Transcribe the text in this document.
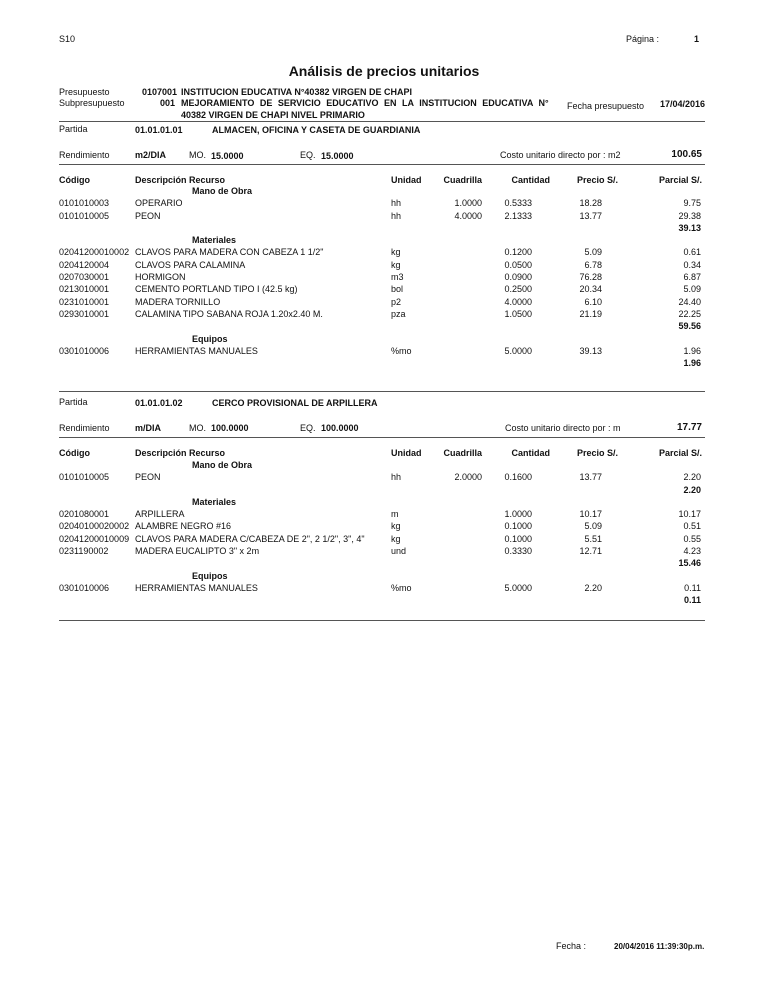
S10	Página :	1
Análisis de precios unitarios
Presupuesto
Subpresupuesto
0107001 INSTITUCION EDUCATIVA N°40382 VIRGEN DE CHAPI
001 MEJORAMIENTO DE SERVICIO EDUCATIVO EN LA INSTITUCION EDUCATIVA N°
40382 VIRGEN DE CHAPI NIVEL PRIMARIO
Fecha presupuesto 17/04/2016
Partida	01.01.01.01	ALMACEN, OFICINA Y CASETA DE GUARDIANIA
Rendimiento	m2/DIA	MO. 15.0000	EQ. 15.0000	Costo unitario directo por : m2	100.65
Código	Descripción Recurso	Unidad	Cuadrilla	Cantidad	Precio S/.	Parcial S/.
	Mano de Obra					
0101010003	OPERARIO	hh	1.0000	0.5333	18.28	9.75
0101010005	PEON	hh	4.0000	2.1333	13.77	29.38
						39.13
	Materiales					
02041200010002	CLAVOS PARA MADERA CON CABEZA 1 1/2"	kg		0.1200	5.09	0.61
0204120004	CLAVOS PARA CALAMINA	kg		0.0500	6.78	0.34
0207030001	HORMIGON	m3		0.0900	76.28	6.87
0213010001	CEMENTO PORTLAND TIPO I (42.5 kg)	bol		0.2500	20.34	5.09
0231010001	MADERA TORNILLO	p2		4.0000	6.10	24.40
0293010001	CALAMINA TIPO SABANA ROJA 1.20x2.40 M.	pza		1.0500	21.19	22.25
						59.56
	Equipos					
0301010006	HERRAMIENTAS MANUALES	%mo		5.0000	39.13	1.96
						1.96
Partida	01.01.01.02	CERCO PROVISIONAL DE ARPILLERA
Rendimiento	m/DIA	MO. 100.0000	EQ. 100.0000	Costo unitario directo por : m	17.77
Código	Descripción Recurso	Unidad	Cuadrilla	Cantidad	Precio S/.	Parcial S/.
	Mano de Obra					
0101010005	PEON	hh	2.0000	0.1600	13.77	2.20
						2.20
	Materiales					
0201080001	ARPILLERA	m		1.0000	10.17	10.17
02040100020002	ALAMBRE NEGRO #16	kg		0.1000	5.09	0.51
02041200010009	CLAVOS PARA MADERA C/CABEZA DE 2", 2 1/2", 3", 4"	kg		0.1000	5.51	0.55
0231190002	MADERA EUCALIPTO 3" x 2m	und		0.3330	12.71	4.23
						15.46
	Equipos					
0301010006	HERRAMIENTAS MANUALES	%mo		5.0000	2.20	0.11
						0.11
Fecha :	20/04/2016 11:39:30p.m.
